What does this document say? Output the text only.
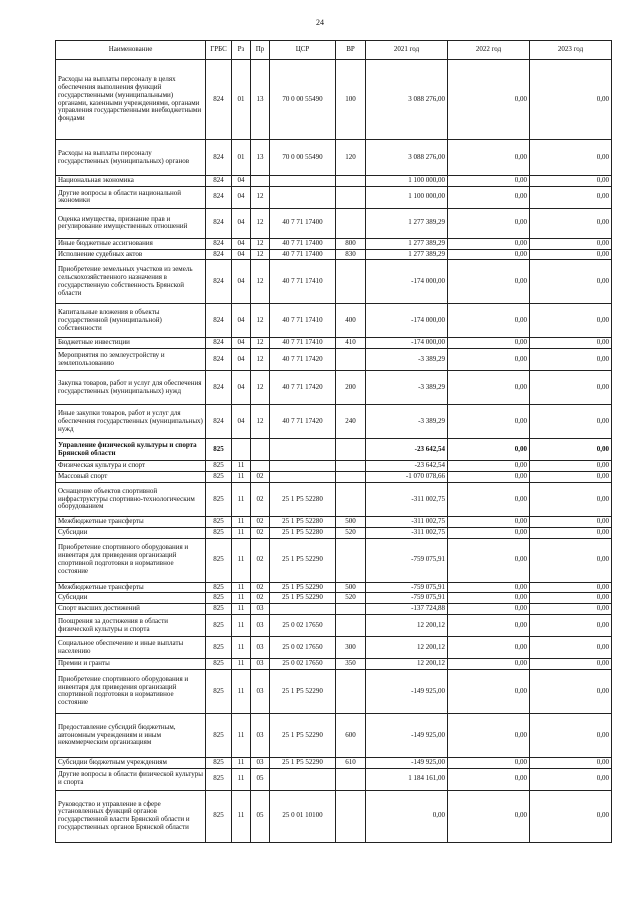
24
Наименование	ГРБС	Рз	Пр	ЦСР	ВР	2021 год	2022 год	2023 год
Расходы на выплаты персоналу в целях обеспечения выполнения функций государственными (муниципальными) органами, казенными учреждениями, органами управления государственными внебюджетными фондами	824	01	13	70 0 00 55490	100	3 088 276,00	0,00	0,00
Расходы на выплаты персоналу государственных (муниципальных) органов	824	01	13	70 0 00 55490	120	3 088 276,00	0,00	0,00
Национальная экономика	824	04				1 100 000,00	0,00	0,00
Другие вопросы в области национальной экономики	824	04	12			1 100 000,00	0,00	0,00
Оценка имущества, признание прав и регулирование имущественных отношений	824	04	12	40 7 71 17400		1 277 389,29	0,00	0,00
Иные бюджетные ассигнования	824	04	12	40 7 71 17400	800	1 277 389,29	0,00	0,00
Исполнение судебных актов	824	04	12	40 7 71 17400	830	1 277 389,29	0,00	0,00
Приобретение земельных участков из земель сельскохозяйственного назначения в государственную собственность Брянской области	824	04	12	40 7 71 17410		-174 000,00	0,00	0,00
Капитальные вложения в объекты государственной (муниципальной) собственности	824	04	12	40 7 71 17410	400	-174 000,00	0,00	0,00
Бюджетные инвестиции	824	04	12	40 7 71 17410	410	-174 000,00	0,00	0,00
Мероприятия по землеустройству и землепользованию	824	04	12	40 7 71 17420		-3 389,29	0,00	0,00
Закупка товаров, работ и услуг для обеспечения государственных (муниципальных) нужд	824	04	12	40 7 71 17420	200	-3 389,29	0,00	0,00
Иные закупки товаров, работ и услуг для обеспечения государственных (муниципальных) нужд	824	04	12	40 7 71 17420	240	-3 389,29	0,00	0,00
Управление физической культуры и спорта Брянской области	825					-23 642,54	0,00	0,00
Физическая культура и спорт	825	11				-23 642,54	0,00	0,00
Массовый спорт	825	11	02			-1 070 078,66	0,00	0,00
Оснащение объектов спортивной инфраструктуры спортивно-технологическим оборудованием	825	11	02	25 1 P5 52280		-311 002,75	0,00	0,00
Межбюджетные трансферты	825	11	02	25 1 P5 52280	500	-311 002,75	0,00	0,00
Субсидии	825	11	02	25 1 P5 52280	520	-311 002,75	0,00	0,00
Приобретение спортивного оборудования и инвентаря для приведения организаций спортивной подготовки в нормативное состояние	825	11	02	25 1 P5 52290		-759 075,91	0,00	0,00
Межбюджетные трансферты	825	11	02	25 1 P5 52290	500	-759 075,91	0,00	0,00
Субсидии	825	11	02	25 1 P5 52290	520	-759 075,91	0,00	0,00
Спорт высших достижений	825	11	03			-137 724,88	0,00	0,00
Поощрения за достижения в области физической культуры и спорта	825	11	03	25 0 02 17650		12 200,12	0,00	0,00
Социальное обеспечение и иные выплаты населению	825	11	03	25 0 02 17650	300	12 200,12	0,00	0,00
Премии и гранты	825	11	03	25 0 02 17650	350	12 200,12	0,00	0,00
Приобретение спортивного оборудования и инвентаря для приведения организаций спортивной подготовки в нормативное состояние	825	11	03	25 1 P5 52290		-149 925,00	0,00	0,00
Предоставление субсидий бюджетным, автономным учреждениям и иным некоммерческим организациям	825	11	03	25 1 P5 52290	600	-149 925,00	0,00	0,00
Субсидии бюджетным учреждениям	825	11	03	25 1 P5 52290	610	-149 925,00	0,00	0,00
Другие вопросы в области физической культуры и спорта	825	11	05			1 184 161,00	0,00	0,00
Руководство и управление в сфере установленных функций органов государственной власти Брянской области и государственных органов Брянской области	825	11	05	25 0 01 10100		0,00	0,00	0,00
